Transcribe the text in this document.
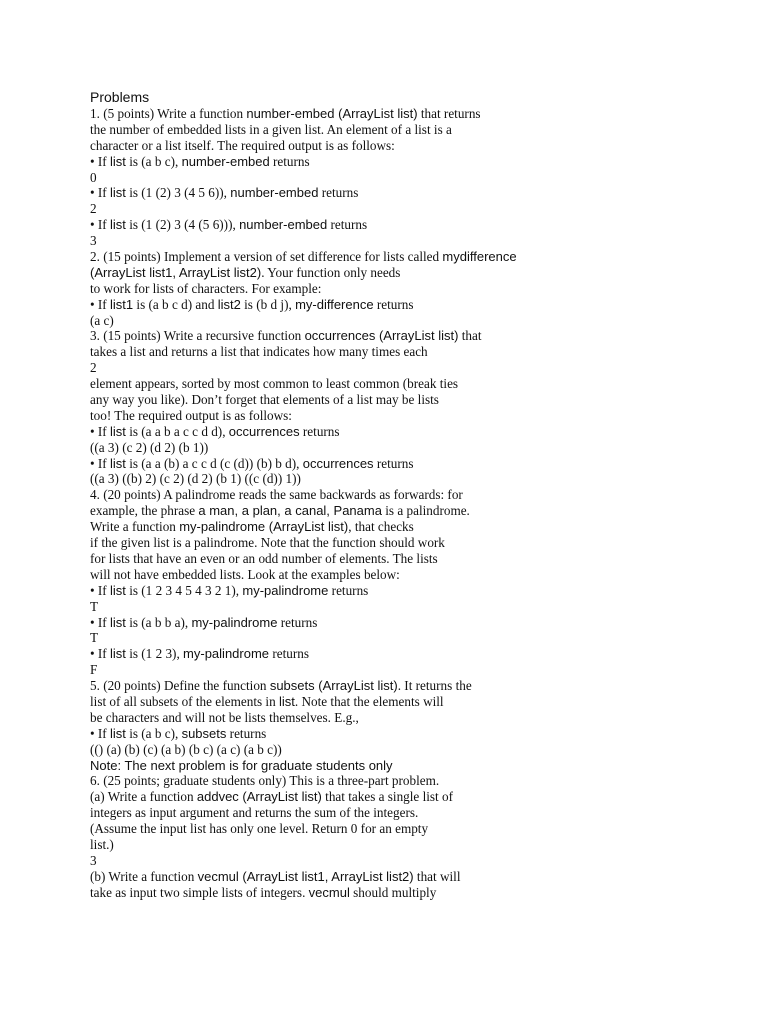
Problems
1. (5 points) Write a function number-embed (ArrayList list) that returns
the number of embedded lists in a given list. An element of a list is a
character or a list itself. The required output is as follows:
• If list is (a b c), number-embed returns
0
• If list is (1 (2) 3 (4 5 6)), number-embed returns
2
• If list is (1 (2) 3 (4 (5 6))), number-embed returns
3
2. (15 points) Implement a version of set difference for lists called mydifference
(ArrayList list1, ArrayList list2). Your function only needs
to work for lists of characters. For example:
• If list1 is (a b c d) and list2 is (b d j), my-difference returns
(a c)
3. (15 points) Write a recursive function occurrences (ArrayList list) that
takes a list and returns a list that indicates how many times each
2
element appears, sorted by most common to least common (break ties
any way you like). Don’t forget that elements of a list may be lists
too! The required output is as follows:
• If list is (a a b a c c d d), occurrences returns
((a 3) (c 2) (d 2) (b 1))
• If list is (a a (b) a c c d (c (d)) (b) b d), occurrences returns
((a 3) ((b) 2) (c 2) (d 2) (b 1) ((c (d)) 1))
4. (20 points) A palindrome reads the same backwards as forwards: for
example, the phrase a man, a plan, a canal, Panama is a palindrome.
Write a function my-palindrome (ArrayList list), that checks
if the given list is a palindrome. Note that the function should work
for lists that have an even or an odd number of elements. The lists
will not have embedded lists. Look at the examples below:
• If list is (1 2 3 4 5 4 3 2 1), my-palindrome returns
T
• If list is (a b b a), my-palindrome returns
T
• If list is (1 2 3), my-palindrome returns
F
5. (20 points) Define the function subsets (ArrayList list). It returns the
list of all subsets of the elements in list. Note that the elements will
be characters and will not be lists themselves. E.g.,
• If list is (a b c), subsets returns
(() (a) (b) (c) (a b) (b c) (a c) (a b c))
Note: The next problem is for graduate students only
6. (25 points; graduate students only) This is a three-part problem.
(a) Write a function addvec (ArrayList list) that takes a single list of
integers as input argument and returns the sum of the integers.
(Assume the input list has only one level. Return 0 for an empty
list.)
3
(b) Write a function vecmul (ArrayList list1, ArrayList list2) that will
take as input two simple lists of integers. vecmul should multiply
